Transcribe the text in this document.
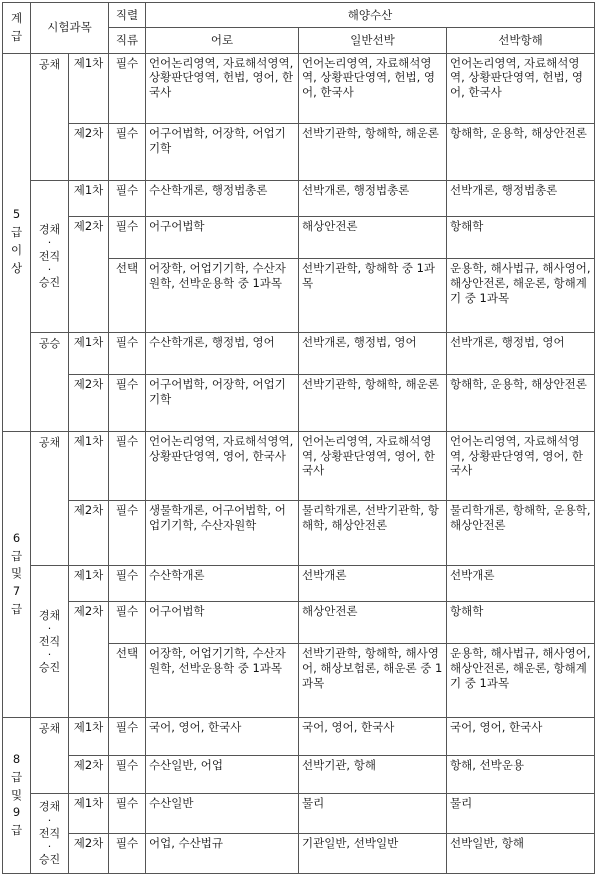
계
급	시험과목		직렬	해양수산		
			직류	어로	일반선박	선박항해

5
급
이
상	공채	제1차	필수	언어논리영역, 자료해석영역, 상황판단영역, 헌법, 영어, 한국사	언어논리영역, 자료해석영역, 상황판단영역, 헌법, 영어, 한국사	언어논리영역, 자료해석영역, 상황판단영역, 헌법, 영어, 한국사
		제2차	필수	어구어법학, 어장학, 어업기기학	선박기관학, 항해학, 해운론	항해학, 운용학, 해상안전론

	경채
·
전직
·
승진	제1차	필수	수산학개론, 행정법총론	선박개론, 행정법총론	선박개론, 행정법총론
		제2차	필수	어구어법학	해상안전론	항해학
			선택	어장학, 어업기기학, 수산자원학, 선박운용학 중 1과목	선박기관학, 항해학 중 1과목	운용학, 해사법규, 해사영어, 해상안전론, 해운론, 항해계기 중 1과목

	공승	제1차	필수	수산학개론, 행정법, 영어	선박개론, 행정법, 영어	선박개론, 행정법, 영어
		제2차	필수	어구어법학, 어장학, 어업기기학	선박기관학, 항해학, 해운론	항해학, 운용학, 해상안전론

6
급
및
7
급	공채	제1차	필수	언어논리영역, 자료해석영역, 상황판단영역, 영어, 한국사	언어논리영역, 자료해석영역, 상황판단영역, 영어, 한국사	언어논리영역, 자료해석영역, 상황판단영역, 영어, 한국사
		제2차	필수	생물학개론, 어구어법학, 어업기기학, 수산자원학	물리학개론, 선박기관학, 항해학, 해상안전론	물리학개론, 항해학, 운용학, 해상안전론

	경채
·
전직
·
승진	제1차	필수	수산학개론	선박개론	선박개론
		제2차	필수	어구어법학	해상안전론	항해학
			선택	어장학, 어업기기학, 수산자원학, 선박운용학 중 1과목	선박기관학, 항해학, 해사영어, 해상보험론, 해운론 중 1과목	운용학, 해사법규, 해사영어, 해상안전론, 해운론, 항해계기 중 1과목

8
급
및
9
급	공채	제1차	필수	국어, 영어, 한국사	국어, 영어, 한국사	국어, 영어, 한국사
		제2차	필수	수산일반, 어업	선박기관, 항해	항해, 선박운용

	경채
·
전직
·
승진	제1차	필수	수산일반	물리	물리
		제2차	필수	어업, 수산법규	기관일반, 선박일반	선박일반, 항해
